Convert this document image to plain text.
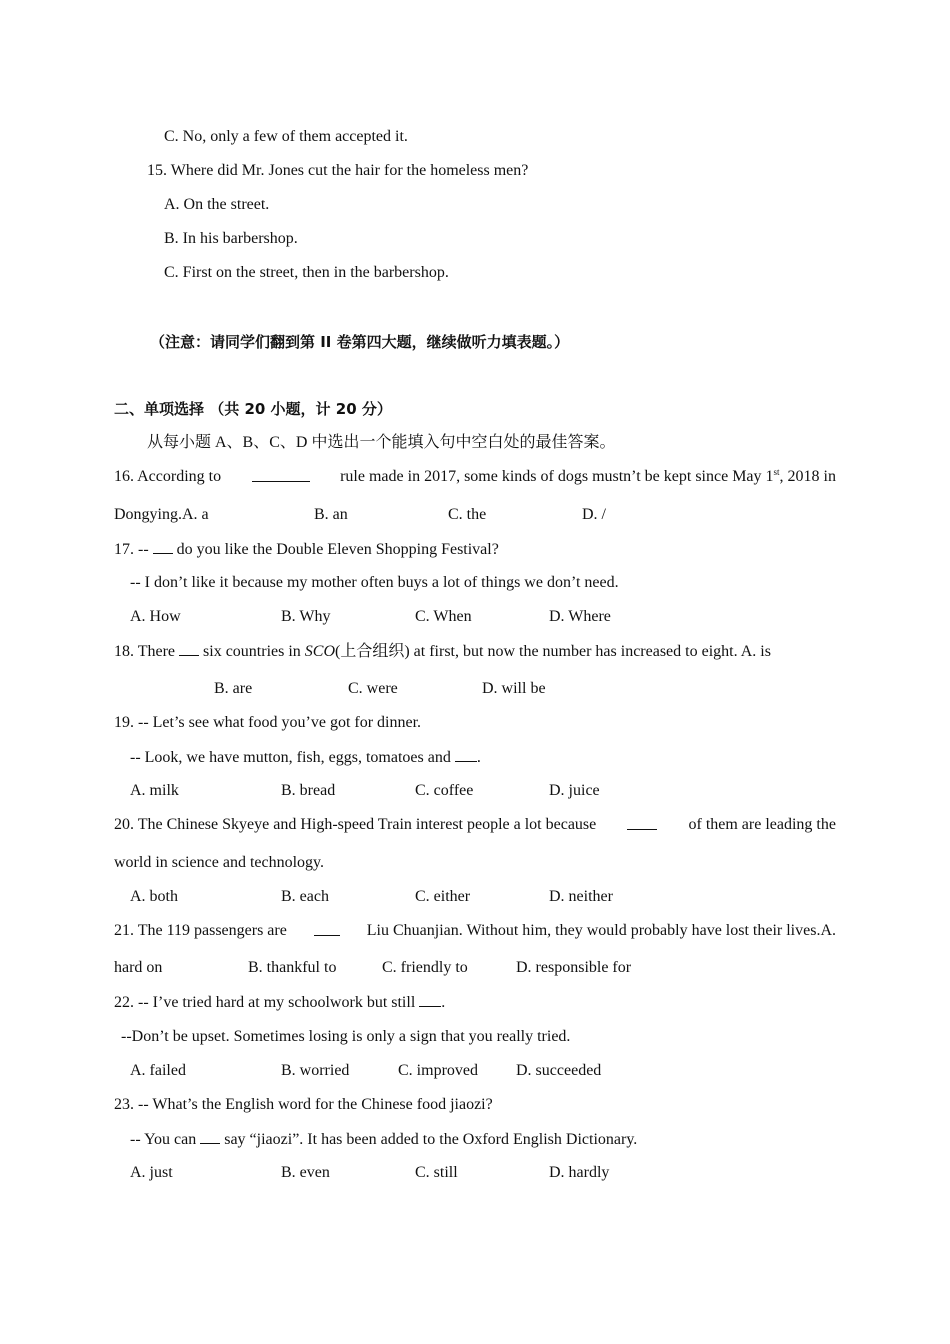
C. No, only a few of them accepted it.
15. Where did Mr. Jones cut the hair for the homeless men?
A. On the street.
B. In his barbershop.
C. First on the street, then in the barbershop.
（注意：请同学们翻到第 II 卷第四大题，继续做听力填表题。）
二、单项选择 （共 20 小题，计 20 分）
从每小题 A、B、C、D 中选出一个能填入句中空白处的最佳答案。
16. According to	rule made in 2017, some kinds of dogs mustn’t be kept since May 1st, 2018 in
Dongying.A. a	B. an	C. the	D. /
17. -- do you like the Double Eleven Shopping Festival?
-- I don’t like it because my mother often buys a lot of things we don’t need.
A. How	B. Why	C. When	D. Where
18. There six countries in SCO(上合组织) at first, but now the number has increased to eight. A. is
B. are	C. were	D. will be
19. -- Let’s see what food you’ve got for dinner.
-- Look, we have mutton, fish, eggs, tomatoes and .
A. milk	B. bread	C. coffee	D. juice
20. The Chinese Skyeye and High-speed Train interest people a lot because	of them are leading the
world in science and technology.
A. both	B. each	C. either	D. neither
21. The 119 passengers are	Liu Chuanjian. Without him, they would probably have lost their lives.A.
hard on	B. thankful to	C. friendly to	D. responsible for
22. -- I’ve tried hard at my schoolwork but still .
--Don’t be upset. Sometimes losing is only a sign that you really tried.
A. failed	B. worried	C. improved D. succeeded
23. -- What’s the English word for the Chinese food jiaozi?
-- You can say “jiaozi”. It has been added to the Oxford English Dictionary.
A. just	B. even	C. still	D. hardly
